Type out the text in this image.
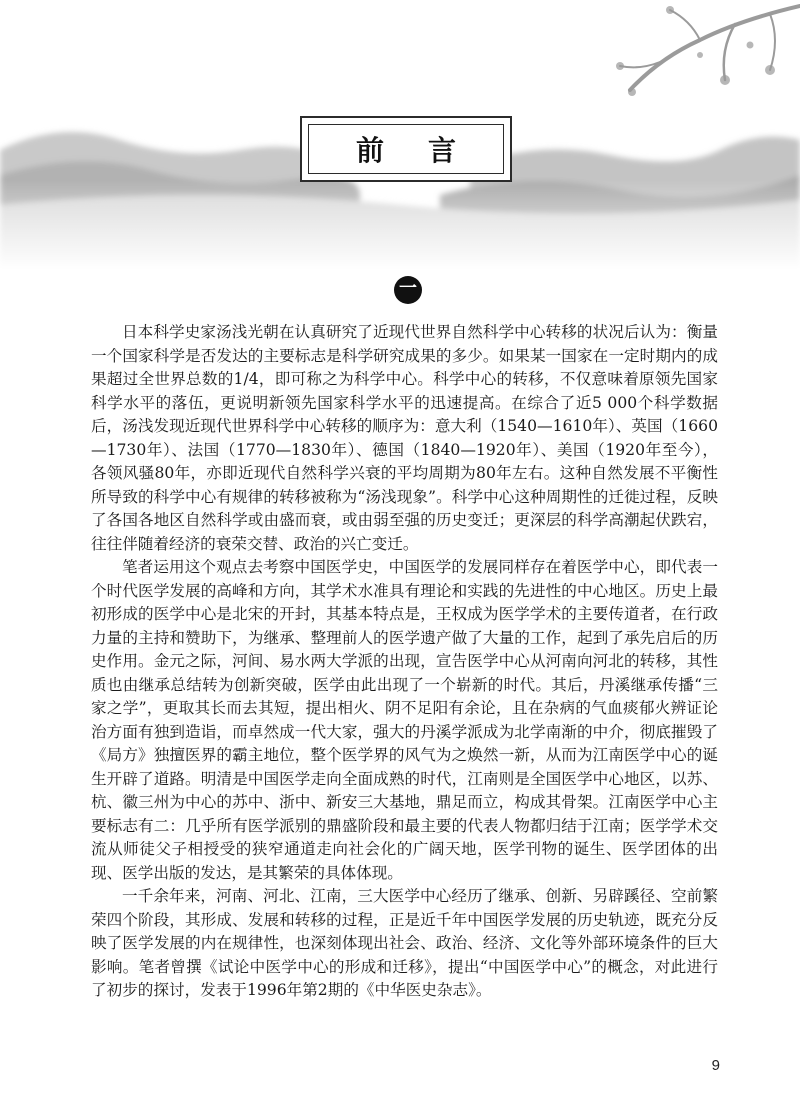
前言
一

日本科学史家汤浅光朝在认真研究了近现代世界自然科学中心转移的状况后认为：衡量一个国家科学是否发达的主要标志是科学研究成果的多少。如果某一国家在一定时期内的成果超过全世界总数的1/4，即可称之为科学中心。科学中心的转移，不仅意味着原领先国家科学水平的落伍，更说明新领先国家科学水平的迅速提高。在综合了近5 000个科学数据后，汤浅发现近现代世界科学中心转移的顺序为：意大利（1540—1610年）、英国（1660—1730年）、法国（1770—1830年）、德国（1840—1920年）、美国（1920年至今），各领风骚80年，亦即近现代自然科学兴衰的平均周期为80年左右。这种自然发展不平衡性所导致的科学中心有规律的转移被称为“汤浅现象”。科学中心这种周期性的迁徙过程，反映了各国各地区自然科学或由盛而衰，或由弱至强的历史变迁；更深层的科学高潮起伏跌宕，往往伴随着经济的衰荣交替、政治的兴亡变迁。

笔者运用这个观点去考察中国医学史，中国医学的发展同样存在着医学中心，即代表一个时代医学发展的高峰和方向，其学术水准具有理论和实践的先进性的中心地区。历史上最初形成的医学中心是北宋的开封，其基本特点是，王权成为医学学术的主要传道者，在行政力量的主持和赞助下，为继承、整理前人的医学遗产做了大量的工作，起到了承先启后的历史作用。金元之际，河间、易水两大学派的出现，宣告医学中心从河南向河北的转移，其性质也由继承总结转为创新突破，医学由此出现了一个崭新的时代。其后，丹溪继承传播“三家之学”，更取其长而去其短，提出相火、阴不足阳有余论，且在杂病的气血痰郁火辨证论治方面有独到造诣，而卓然成一代大家，强大的丹溪学派成为北学南渐的中介，彻底摧毁了《局方》独擅医界的霸主地位，整个医学界的风气为之焕然一新，从而为江南医学中心的诞生开辟了道路。明清是中国医学走向全面成熟的时代，江南则是全国医学中心地区，以苏、杭、徽三州为中心的苏中、浙中、新安三大基地，鼎足而立，构成其骨架。江南医学中心主要标志有二：几乎所有医学派别的鼎盛阶段和最主要的代表人物都归结于江南；医学学术交流从师徒父子相授受的狭窄通道走向社会化的广阔天地，医学刊物的诞生、医学团体的出现、医学出版的发达，是其繁荣的具体体现。

一千余年来，河南、河北、江南，三大医学中心经历了继承、创新、另辟蹊径、空前繁荣四个阶段，其形成、发展和转移的过程，正是近千年中国医学发展的历史轨迹，既充分反映了医学发展的内在规律性，也深刻体现出社会、政治、经济、文化等外部环境条件的巨大影响。笔者曾撰《试论中医学中心的形成和迁移》，提出“中国医学中心”的概念，对此进行了初步的探讨，发表于1996年第2期的《中华医史杂志》。

9
